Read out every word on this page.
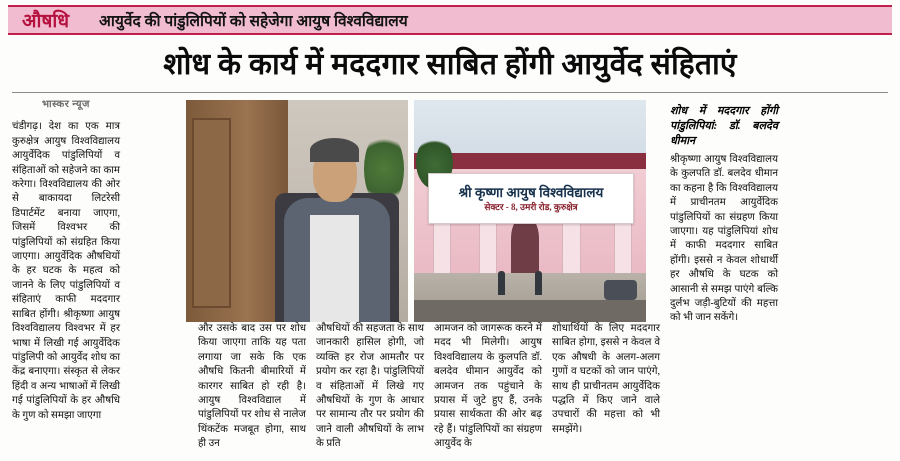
औषधि	आयुर्वेद की पांडुलिपियों को सहेजेगा आयुष विश्वविद्यालय
शोध के कार्य में मददगार साबित होंगी आयुर्वेद संहिताएं
श्री कृष्णा आयुष विश्वविद्यालय
सेक्टर - 8, उमरी रोड, कुरुक्षेत्र
भास्कर न्यूज

चंडीगढ़। देश का एक मात्र कुरुक्षेत्र आयुष विश्वविद्यालय आयुर्वेदिक पांडुलिपियों व संहिताओं को सहेजने का काम करेगा। विश्वविद्यालय की ओर से बाकायदा लिटरेसी डिपार्टमेंट बनाया जाएगा, जिसमें विश्वभर की पांडुलिपियों को संग्रहित किया जाएगा। आयुर्वेदिक औषधियों के हर घटक के महत्व को जानने के लिए पांडुलिपियों व संहिताएं काफी मददगार साबित होंगी। श्रीकृष्णा आयुष विश्वविद्यालय विश्वभर में हर भाषा में लिखी गई आयुर्वेदिक पांडुलिपी को आयुर्वेद शोध का केंद्र बनाएगा। संस्कृत से लेकर हिंदी व अन्य भाषाओं में लिखी गई पांडुलिपियों के हर औषधि के गुण को समझा जाएगा

और उसके बाद उस पर शोध किया जाएगा ताकि यह पता लगाया जा सके कि एक औषधि कितनी बीमारियों में कारगर साबित हो रही है। आयुष विश्वविद्याल में पांडुलिपियों पर शोध से नालेज थिंकटेंक मजबूत होगा, साथ ही उन

औषधियों की सहजता के साथ जानकारी हासिल होगी, जो व्यक्ति हर रोज आमतौर पर प्रयोग कर रहा है। पांडुलिपियों व संहिताओं में लिखे गए औषधियों के गुण के आधार पर सामान्य तौर पर प्रयोग की जाने वाली औषधियों के लाभ के प्रति

आमजन को जागरूक करने में मदद भी मिलेगी। आयुष विश्वविद्यालय के कुलपति डॉ. बलदेव धीमान आयुर्वेद को आमजन तक पहुंचाने के प्रयास में जुटे हुए हैं, उनके प्रयास सार्थकता की ओर बढ़ रहे हैं। पांडुलिपियों का संग्रहण आयुर्वेद के

शोधार्थियों के लिए मददगार साबित होगा, इससे न केवल वे एक औषधी के अलग-अलग गुणों व घटकों को जान पाएंगे, साथ ही प्राचीनतम आयुर्वेदिक पद्धति में किए जाने वाले उपचारों की महत्ता को भी समझेंगे।

शोध में मददगार होंगी पांडुलिपियां: डॉ. बलदेव धीमान

श्रीकृष्णा आयुष विश्वविद्यालय के कुलपति डॉ. बलदेव धीमान का कहना है कि विश्वविद्यालय में प्राचीनतम आयुर्वेदिक पांडुलिपियों का संग्रहण किया जाएगा। यह पांडुलिपियां शोध में काफी मददगार साबित होंगी। इससे न केवल शोधार्थी हर औषधि के घटक को आसानी से समझ पाएंगे बल्कि दुर्लभ जड़ी-बुटियों की महत्ता को भी जान सकेंगे।
